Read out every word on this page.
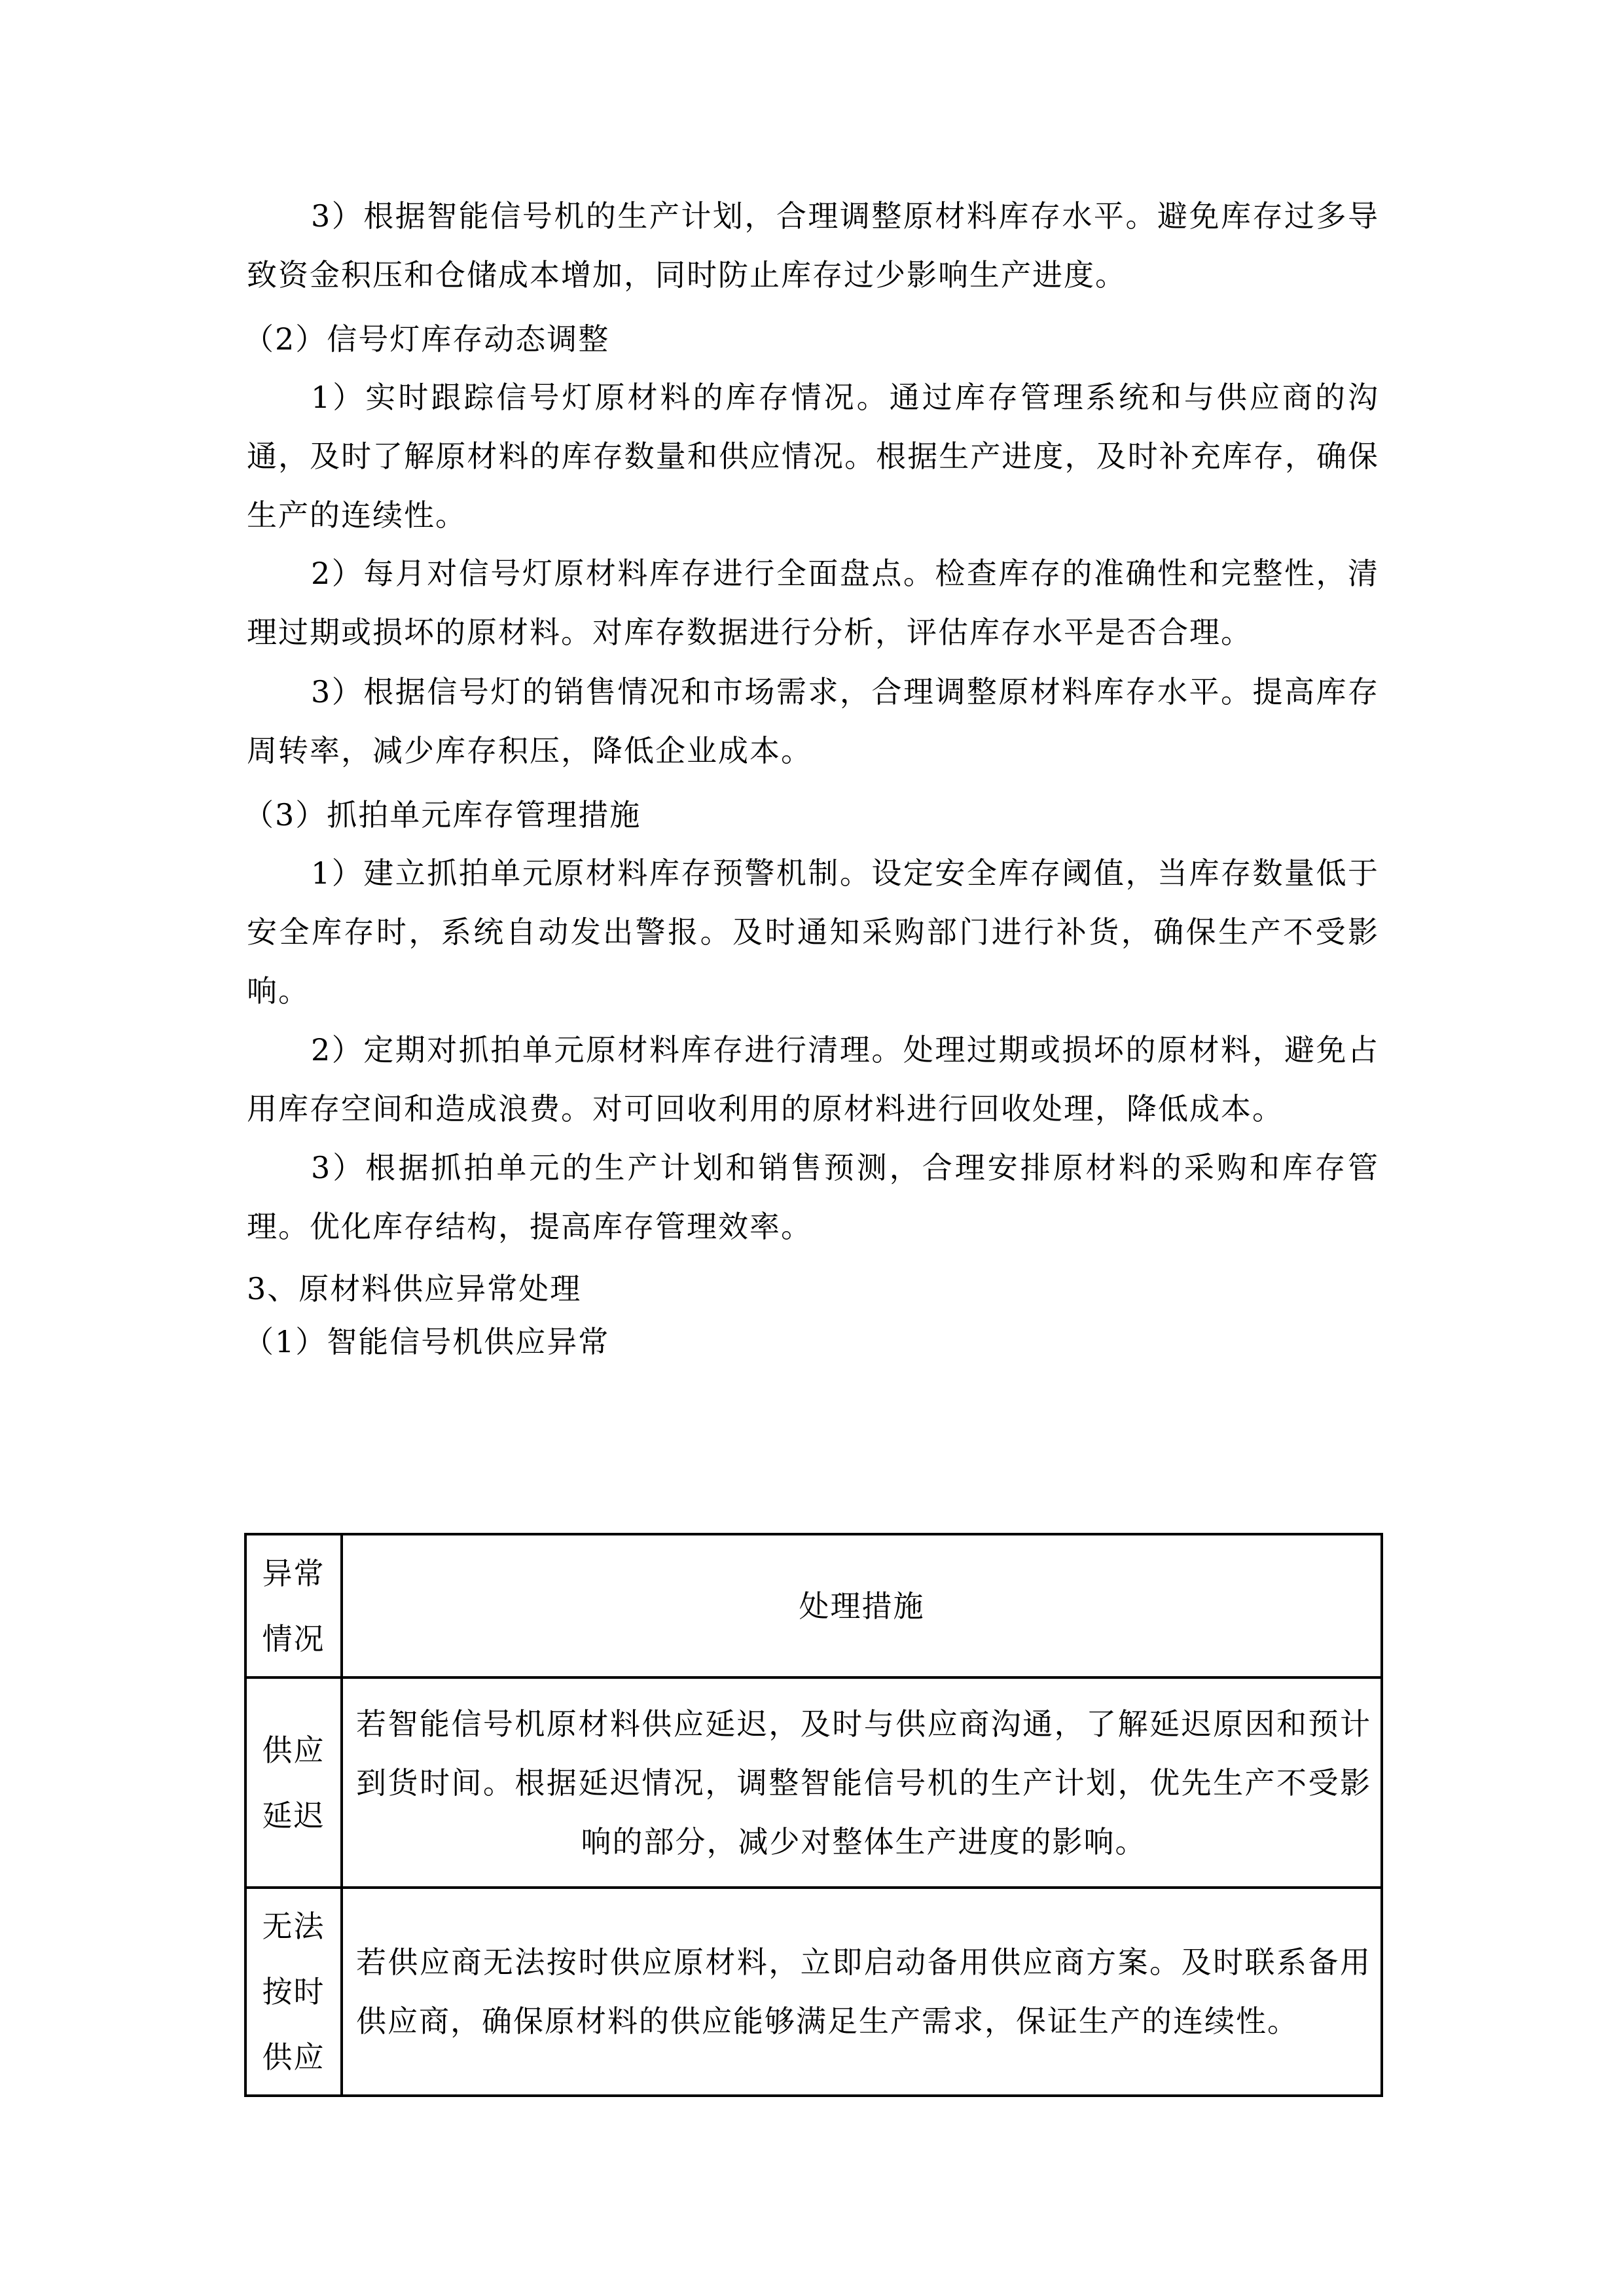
3）根据智能信号机的生产计划，合理调整原材料库存水平。避免库存过多导致资金积压和仓储成本增加，同时防止库存过少影响生产进度。

（2）信号灯库存动态调整

1）实时跟踪信号灯原材料的库存情况。通过库存管理系统和与供应商的沟通，及时了解原材料的库存数量和供应情况。根据生产进度，及时补充库存，确保生产的连续性。

2）每月对信号灯原材料库存进行全面盘点。检查库存的准确性和完整性，清理过期或损坏的原材料。对库存数据进行分析，评估库存水平是否合理。

3）根据信号灯的销售情况和市场需求，合理调整原材料库存水平。提高库存周转率，减少库存积压，降低企业成本。

（3）抓拍单元库存管理措施

1）建立抓拍单元原材料库存预警机制。设定安全库存阈值，当库存数量低于安全库存时，系统自动发出警报。及时通知采购部门进行补货，确保生产不受影响。

2）定期对抓拍单元原材料库存进行清理。处理过期或损坏的原材料，避免占用库存空间和造成浪费。对可回收利用的原材料进行回收处理，降低成本。

3）根据抓拍单元的生产计划和销售预测，合理安排原材料的采购和库存管理。优化库存结构，提高库存管理效率。

3、原材料供应异常处理

（1）智能信号机供应异常

异常
情况	处理措施

供应
延迟	若智能信号机原材料供应延迟，及时与供应商沟通，了解延迟原因和预计到货时间。根据延迟情况，调整智能信号机的生产计划，优先生产不受影响的部分，减少对整体生产进度的影响。

无法
按时
供应	若供应商无法按时供应原材料，立即启动备用供应商方案。及时联系备用供应商，确保原材料的供应能够满足生产需求，保证生产的连续性。
